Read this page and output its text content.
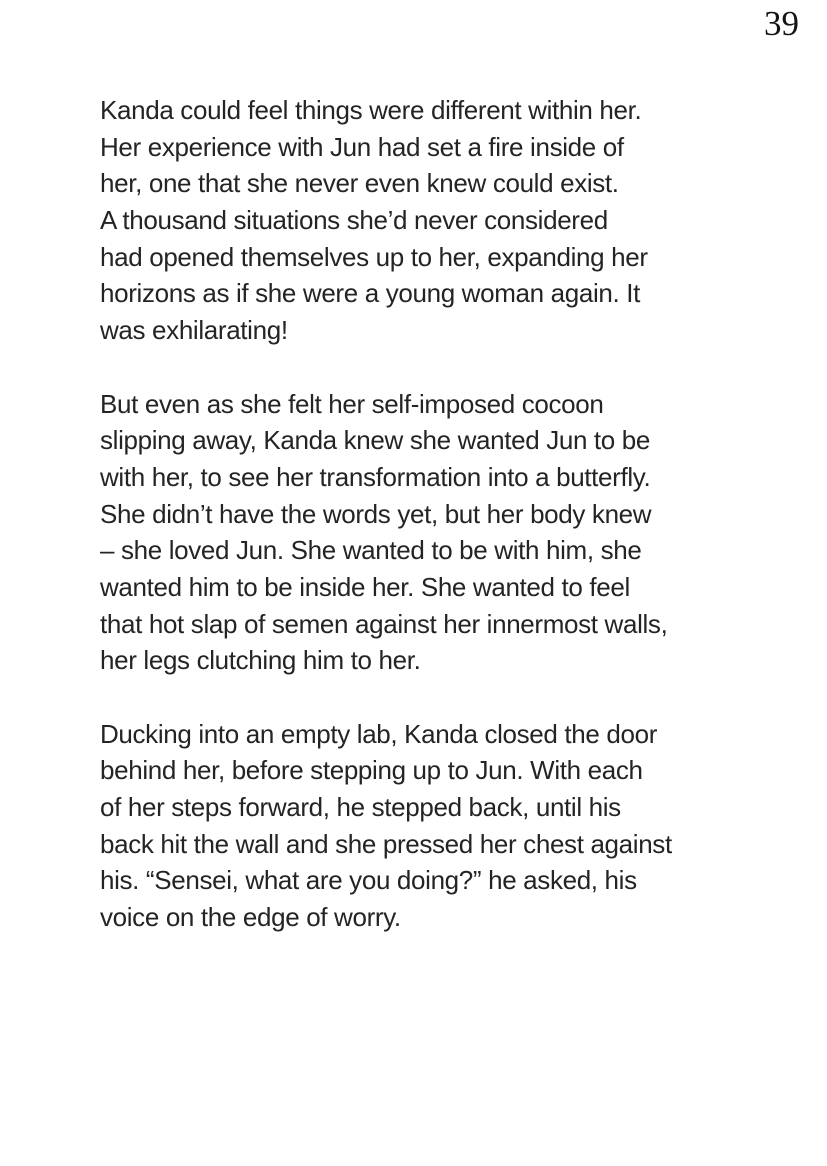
39

Kanda could feel things were different within her.
Her experience with Jun had set a fire inside of
her, one that she never even knew could exist.
A thousand situations she’d never considered
had opened themselves up to her, expanding her
horizons as if she were a young woman again. It
was exhilarating!

But even as she felt her self-imposed cocoon
slipping away, Kanda knew she wanted Jun to be
with her, to see her transformation into a butterfly.
She didn’t have the words yet, but her body knew
– she loved Jun. She wanted to be with him, she
wanted him to be inside her. She wanted to feel
that hot slap of semen against her innermost walls,
her legs clutching him to her.

Ducking into an empty lab, Kanda closed the door
behind her, before stepping up to Jun. With each
of her steps forward, he stepped back, until his
back hit the wall and she pressed her chest against
his. “Sensei, what are you doing?” he asked, his
voice on the edge of worry.
